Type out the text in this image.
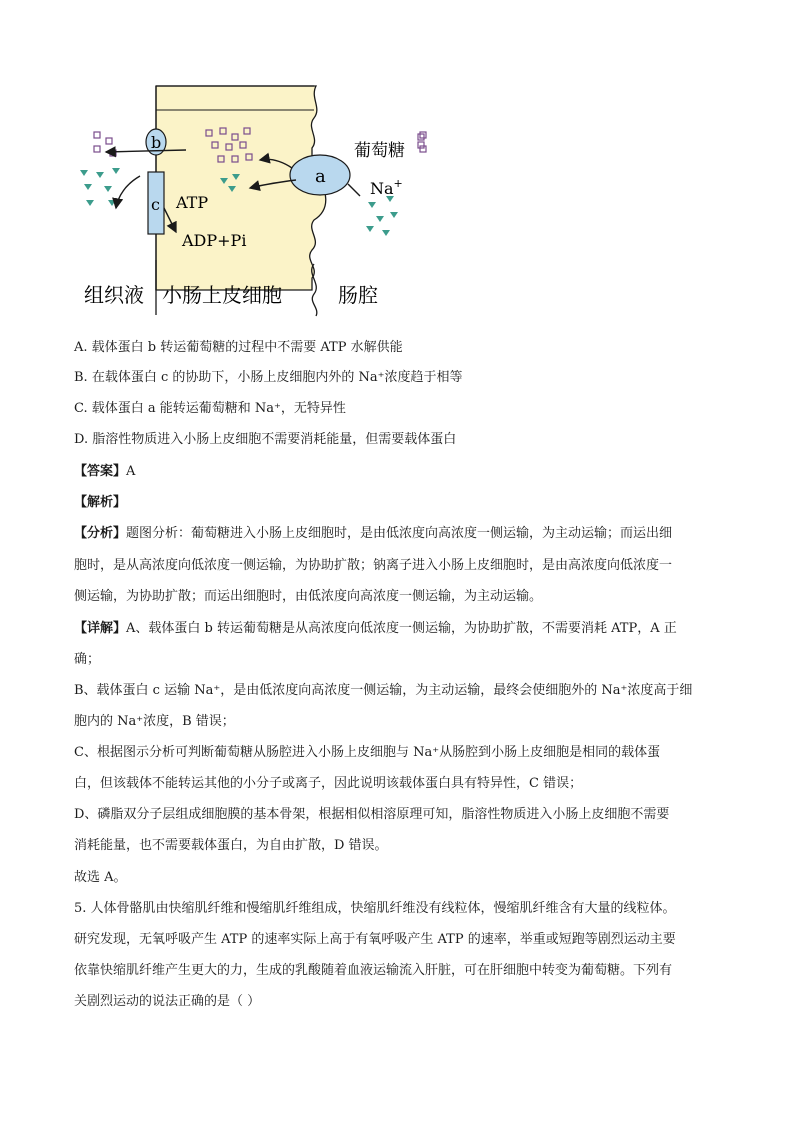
b
c
a
葡萄糖
Na+
ATP
ADP+Pi
组织液 小肠上皮细胞	肠腔
A. 载体蛋白 b 转运葡萄糖的过程中不需要 ATP 水解供能
B. 在载体蛋白 c 的协助下，小肠上皮细胞内外的 Na⁺浓度趋于相等
C. 载体蛋白 a 能转运葡萄糖和 Na⁺，无特异性
D. 脂溶性物质进入小肠上皮细胞不需要消耗能量，但需要载体蛋白
【答案】A
【解析】
【分析】题图分析：葡萄糖进入小肠上皮细胞时，是由低浓度向高浓度一侧运输，为主动运输；而运出细
胞时，是从高浓度向低浓度一侧运输，为协助扩散；钠离子进入小肠上皮细胞时，是由高浓度向低浓度一
侧运输，为协助扩散；而运出细胞时，由低浓度向高浓度一侧运输，为主动运输。
【详解】A、载体蛋白 b 转运葡萄糖是从高浓度向低浓度一侧运输，为协助扩散，不需要消耗 ATP，A 正
确；
B、载体蛋白 c 运输 Na⁺，是由低浓度向高浓度一侧运输，为主动运输，最终会使细胞外的 Na⁺浓度高于细
胞内的 Na⁺浓度，B 错误；
C、根据图示分析可判断葡萄糖从肠腔进入小肠上皮细胞与 Na⁺从肠腔到小肠上皮细胞是相同的载体蛋
白，但该载体不能转运其他的小分子或离子，因此说明该载体蛋白具有特异性，C 错误；
D、磷脂双分子层组成细胞膜的基本骨架，根据相似相溶原理可知，脂溶性物质进入小肠上皮细胞不需要
消耗能量，也不需要载体蛋白，为自由扩散，D 错误。
故选 A。
5. 人体骨骼肌由快缩肌纤维和慢缩肌纤维组成，快缩肌纤维没有线粒体，慢缩肌纤维含有大量的线粒体。
研究发现，无氧呼吸产生 ATP 的速率实际上高于有氧呼吸产生 ATP 的速率，举重或短跑等剧烈运动主要
依靠快缩肌纤维产生更大的力，生成的乳酸随着血液运输流入肝脏，可在肝细胞中转变为葡萄糖。下列有
关剧烈运动的说法正确的是（ ）
